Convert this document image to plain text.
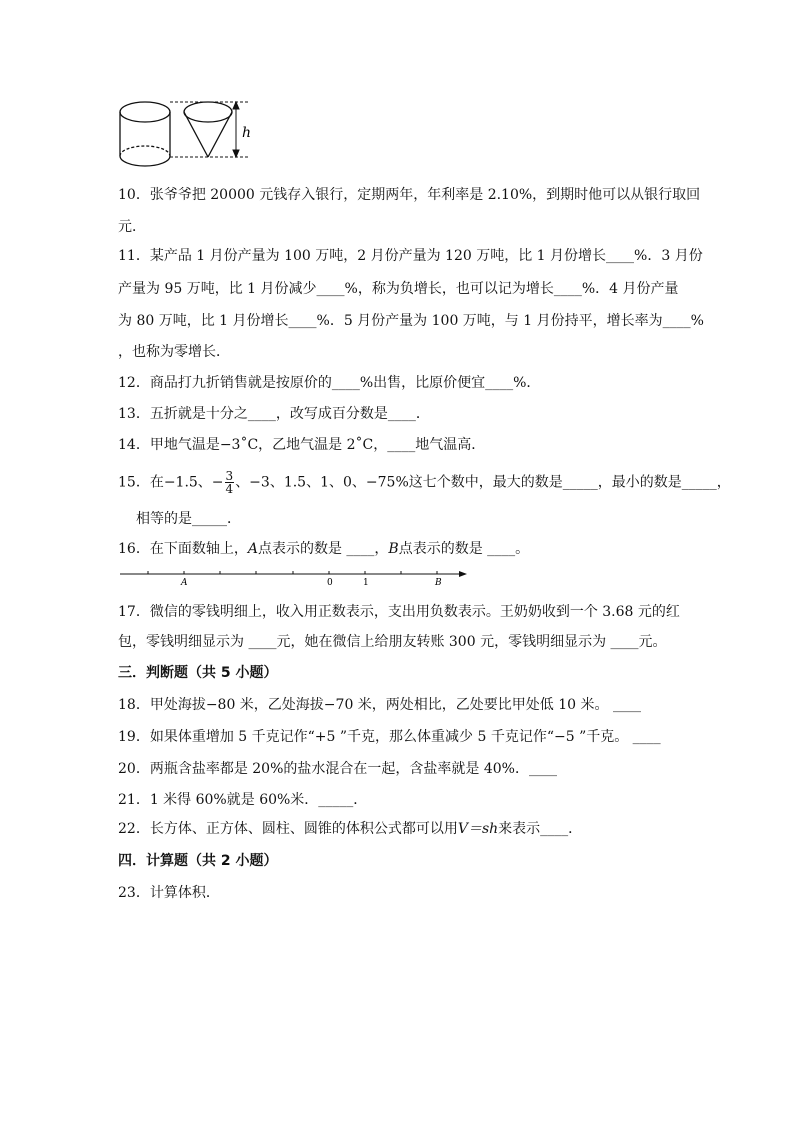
h
10．张爷爷把 20000 元钱存入银行，定期两年，年利率是 2.10%，到期时他可以从银行取回
元．
11．某产品 1 月份产量为 100 万吨，2 月份产量为 120 万吨，比 1 月份增长____%．3 月份
产量为 95 万吨，比 1 月份减少____%，称为负增长，也可以记为增长____%．4 月份产量
为 80 万吨，比 1 月份增长____%．5 月份产量为 100 万吨，与 1 月份持平，增长率为____%
，也称为零增长．
12．商品打九折销售就是按原价的____%出售，比原价便宜____%．
13．五折就是十分之____，改写成百分数是____．
14．甲地气温是−3˚C，乙地气温是 2˚C，____地气温高．
15．在−1.5、− $\frac{3}{4}$ 、−3、1.5、1、0、−75%这七个数中，最大的数是_____，最小的数是_____，
相等的是_____．
16．在下面数轴上，A点表示的数是 ____，B点表示的数是 ____。
A	0	1	B
17．微信的零钱明细上，收入用正数表示，支出用负数表示。王奶奶收到一个 3.68 元的红
包，零钱明细显示为 ____元，她在微信上给朋友转账 300 元，零钱明细显示为 ____元。
三．判断题（共 5 小题）
18．甲处海拔−80 米，乙处海拔−70 米，两处相比，乙处要比甲处低 10 米。 ____
19．如果体重增加 5 千克记作“+5 ”千克，那么体重减少 5 千克记作“−5 ”千克。 ____
20．两瓶含盐率都是 20%的盐水混合在一起，含盐率就是 40%．____
21．1 米得 60%就是 60%米．_____．
22．长方体、正方体、圆柱、圆锥的体积公式都可以用V＝sh来表示____．
四．计算题（共 2 小题）
23．计算体积．
